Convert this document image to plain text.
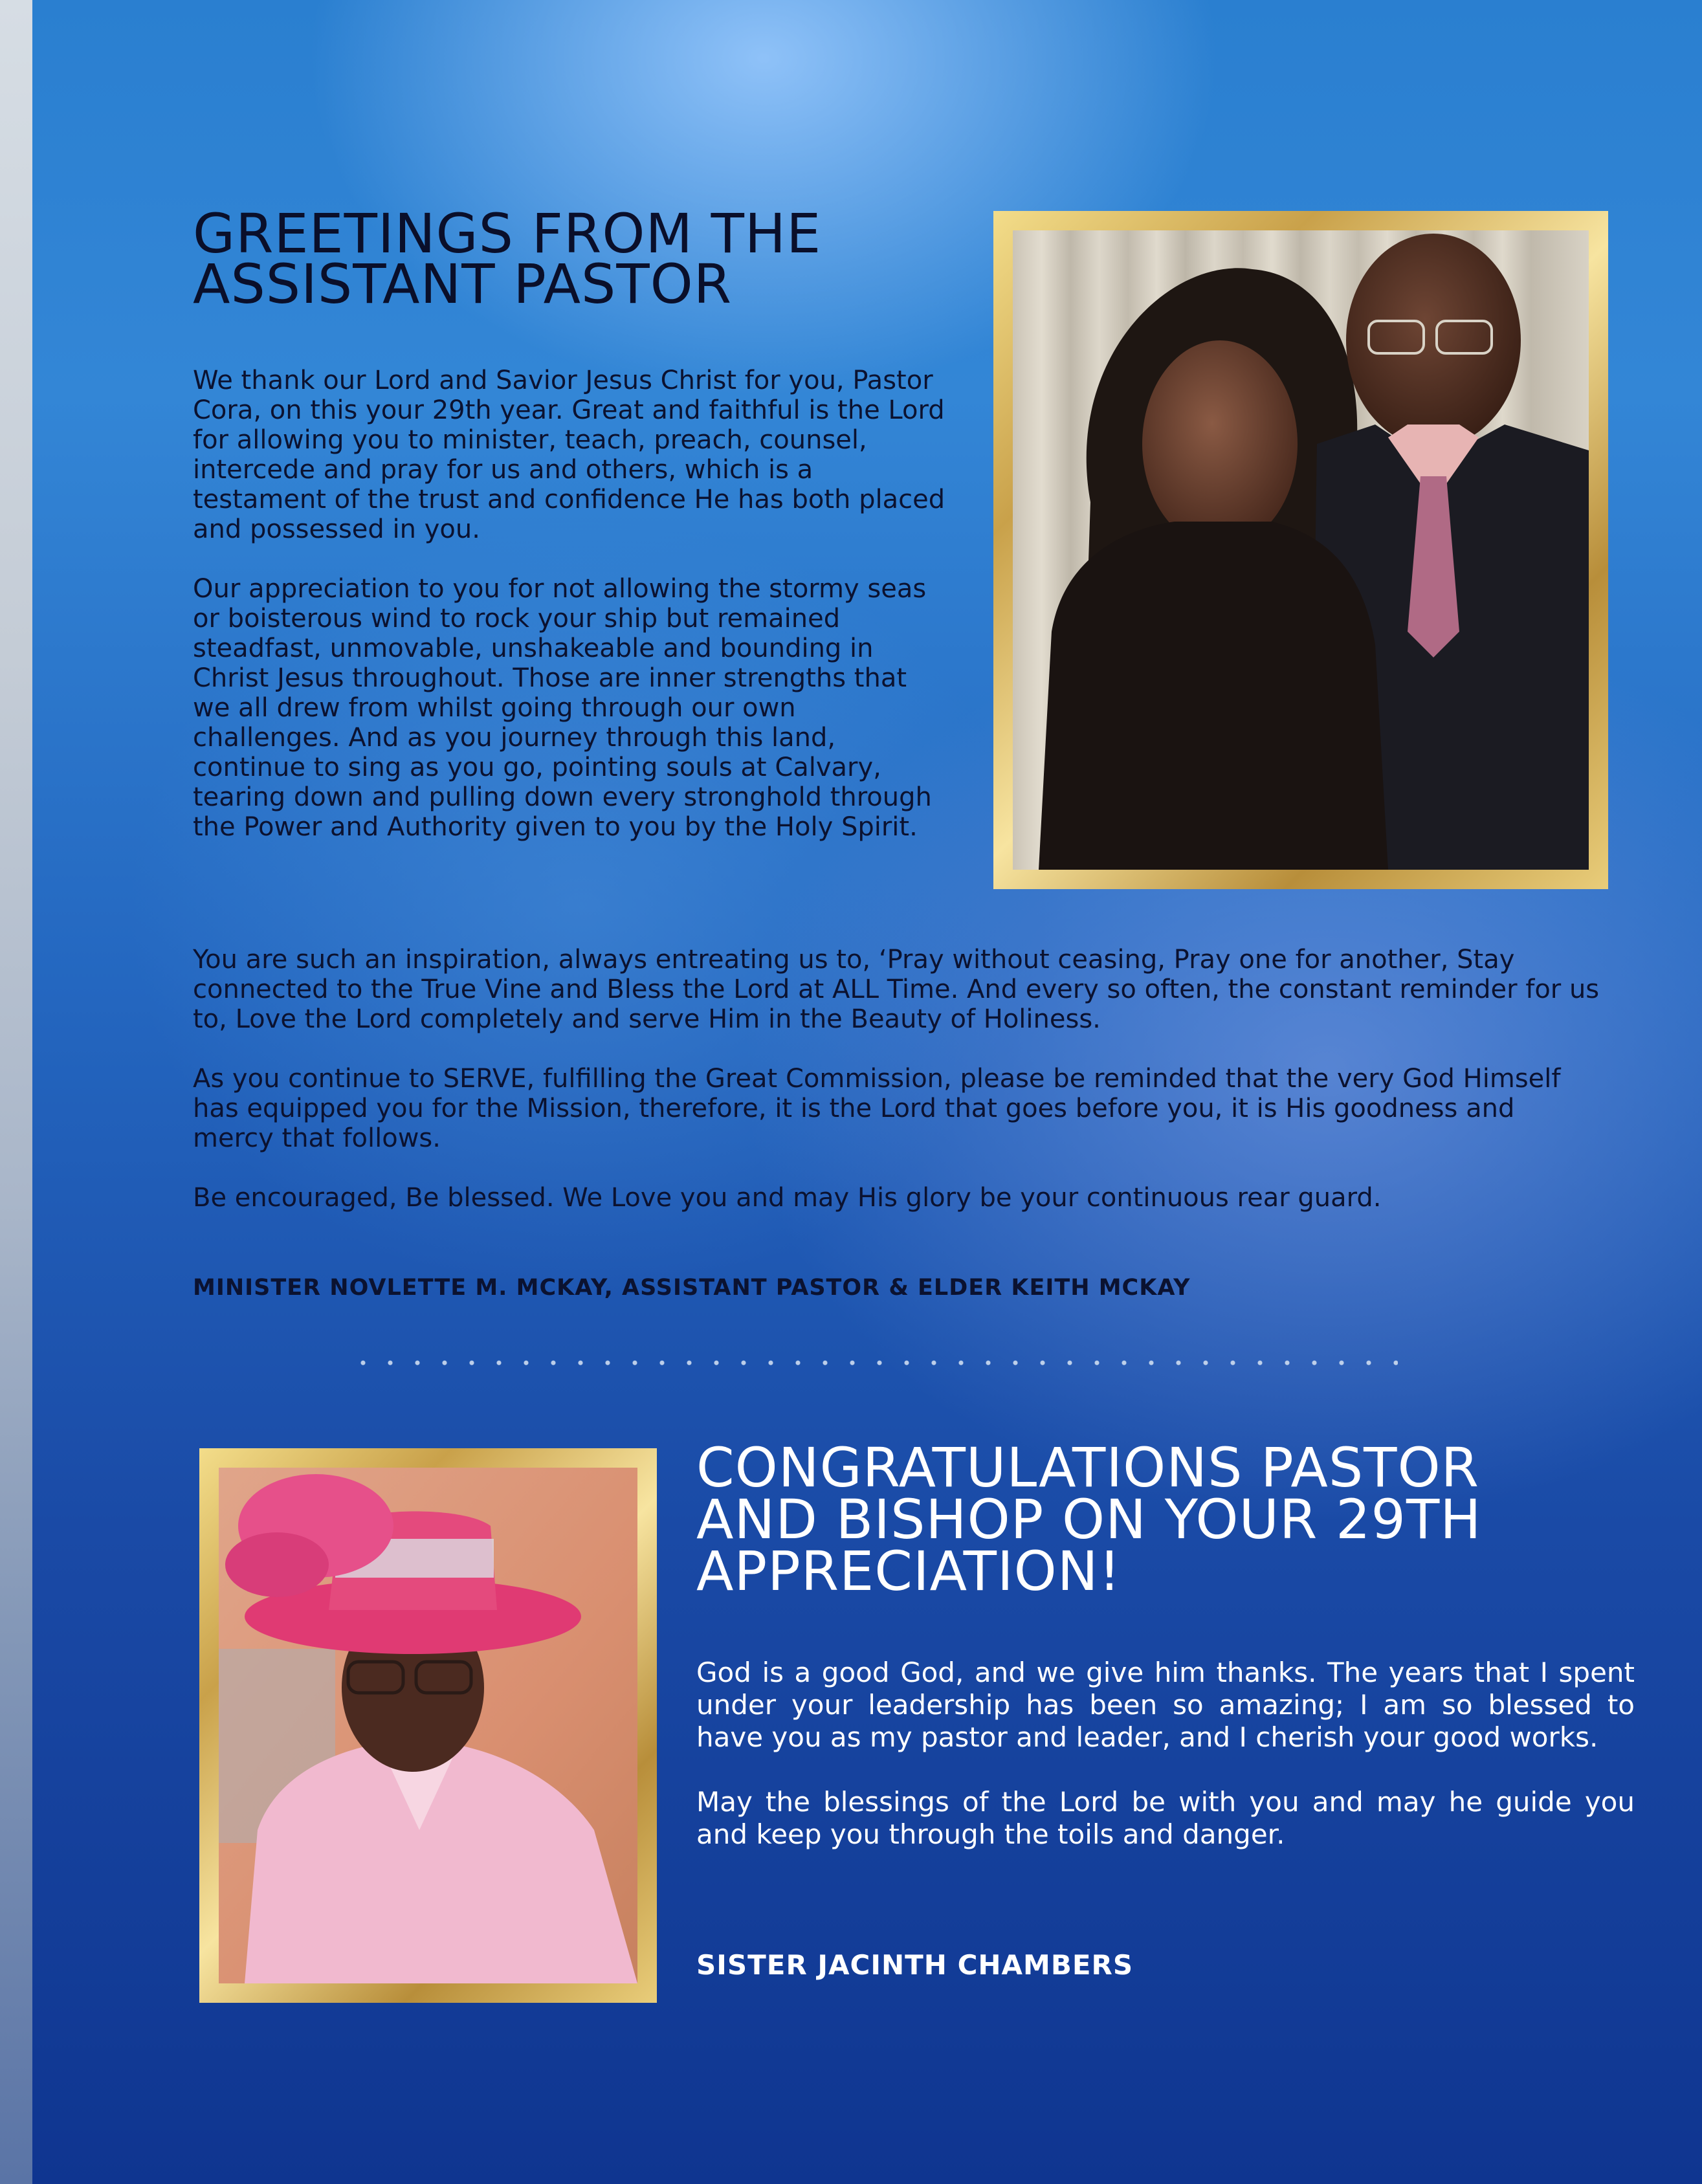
GREETINGS FROM THE
ASSISTANT PASTOR

We thank our Lord and Savior Jesus Christ for you, Pastor Cora, on this your 29th year. Great and faithful is the Lord for allowing you to minister, teach, preach, counsel, intercede and pray for us and others, which is a testament of the trust and confidence He has both placed and possessed in you.

Our appreciation to you for not allowing the stormy seas or boisterous wind to rock your ship but remained steadfast, unmovable, unshakeable and bounding in Christ Jesus throughout. Those are inner strengths that we all drew from whilst going through our own challenges. And as you journey through this land, continue to sing as you go, pointing souls at Calvary, tearing down and pulling down every stronghold through the Power and Authority given to you by the Holy Spirit.

You are such an inspiration, always entreating us to, ‘Pray without ceasing, Pray one for another, Stay connected to the True Vine and Bless the Lord at ALL Time. And every so often, the constant reminder for us to, Love the Lord completely and serve Him in the Beauty of Holiness.

As you continue to SERVE, fulfilling the Great Commission, please be reminded that the very God Himself has equipped you for the Mission, therefore, it is the Lord that goes before you, it is His goodness and mercy that follows.

Be encouraged, Be blessed. We Love you and may His glory be your continuous rear guard.

MINISTER NOVLETTE M. MCKAY, ASSISTANT PASTOR & ELDER KEITH MCKAY
CONGRATULATIONS PASTOR
AND BISHOP ON YOUR 29TH
APPRECIATION!

God is a good God, and we give him thanks. The years that I spent under your leadership has been so amazing; I am so blessed to have you as my pastor and leader, and I cherish your good works.

May the blessings of the Lord be with you and may he guide you and keep you through the toils and danger.

SISTER JACINTH CHAMBERS
